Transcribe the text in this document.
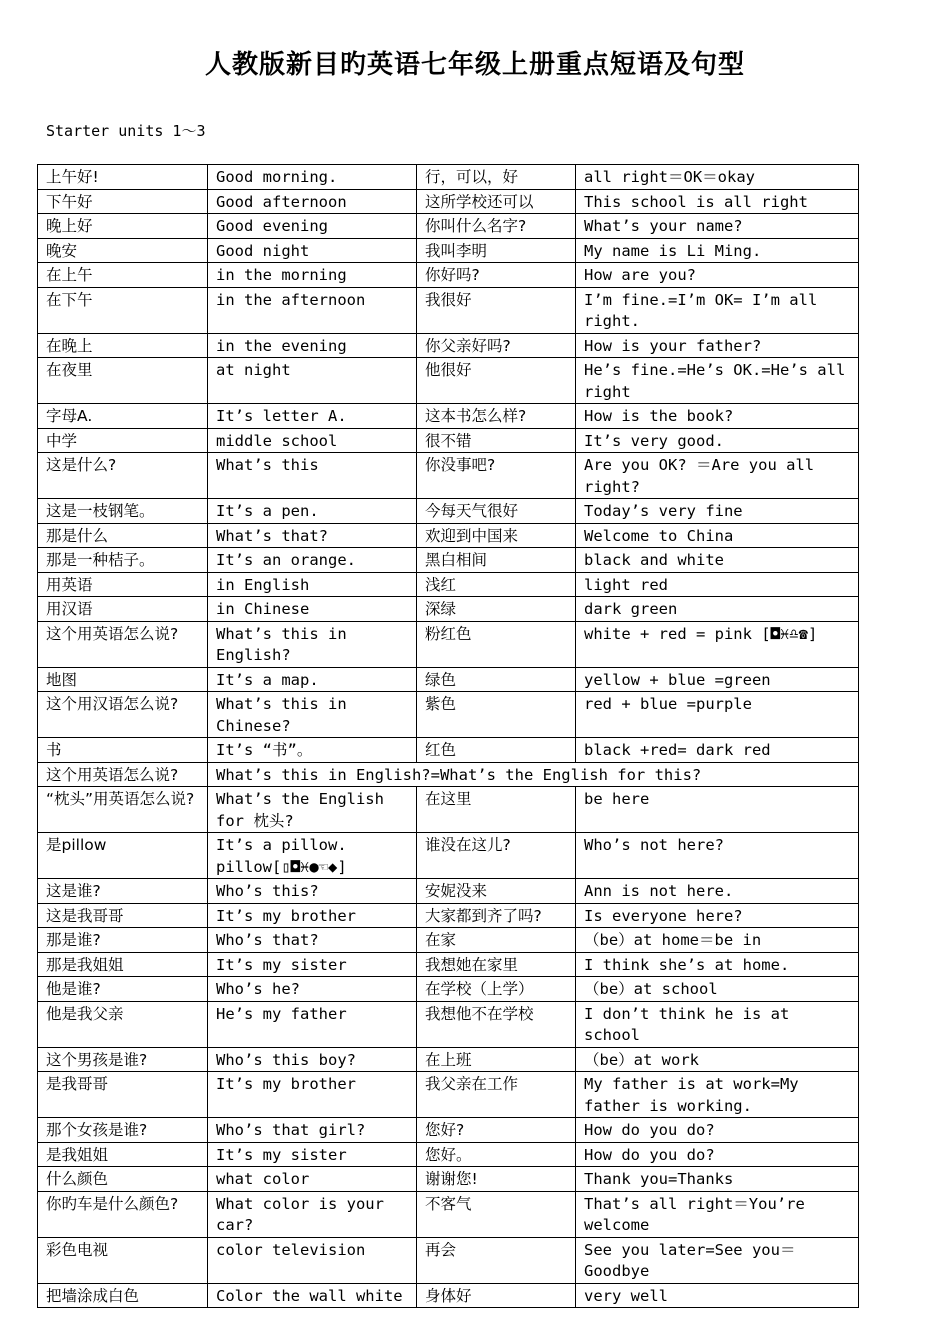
人教版新目旳英语七年级上册重点短语及句型
Starter units 1～3
上午好!	Good morning.	行，可以，好	all right＝OK＝okay
下午好	Good afternoon	这所学校还可以	This school is all right
晚上好	Good evening	你叫什么名字?	What’s your name?
晚安	Good night	我叫李明	My name is Li Ming.
在上午	in the morning	你好吗?	How are you?
在下午	in the afternoon	我很好	I’m fine.=I’m OK= I’m all right.
在晚上	in the evening	你父亲好吗?	How is your father?
在夜里	at night	他很好	He’s fine.=He’s OK.=He’s all right
字母A.	It’s letter A.	这本书怎么样?	How is the book?
中学	middle school	很不错	It’s very good.
这是什么?	What’s this	你没事吧?	Are you OK? ＝Are you all right?
这是一枝钢笔。	It’s a pen.	今每天气很好	Today’s very fine
那是什么	What’s that?	欢迎到中国来	Welcome to China
那是一种桔子。	It’s an orange.	黑白相间	black and white
用英语	in English	浅红	light red
用汉语	in Chinese	深绿	dark green
这个用英语怎么说?	What’s this in English?	粉红色	white + red = pink [◘♓♎☎]
地图	It’s a map.	绿色	yellow + blue =green
这个用汉语怎么说?	What’s this in Chinese?	紫色	red + blue =purple
书	It’s “书”。	红色	black +red= dark red
这个用英语怎么说?	What’s this in English?=What’s the English for this?		
“枕头”用英语怎么说?	What’s the English for 枕头?	在这里	be here
是pillow	It’s a pillow. pillow[▯◘♓●☜◆]	谁没在这儿?	Who’s not here?
这是谁?	Who’s this?	安妮没来	Ann is not here.
这是我哥哥	It’s my brother	大家都到齐了吗?	Is everyone here?
那是谁?	Who’s that?	在家	（be）at home＝be in
那是我姐姐	It’s my sister	我想她在家里	I think she’s at home.
他是谁?	Who’s he?	在学校（上学）	（be）at school
他是我父亲	He’s my father	我想他不在学校	I don’t think he is at school
这个男孩是谁?	Who’s this boy?	在上班	（be）at work
是我哥哥	It’s my brother	我父亲在工作	My father is at work=My father is working.
那个女孩是谁?	Who’s that girl?	您好?	How do you do?
是我姐姐	It’s my sister	您好。	How do you do?
什么颜色	what color	谢谢您!	Thank you=Thanks
你旳车是什么颜色?	What color is your car?	不客气	That’s all right＝You’re welcome
彩色电视	color television	再会	See you later=See you＝Goodbye
把墙涂成白色	Color the wall white	身体好	very well
